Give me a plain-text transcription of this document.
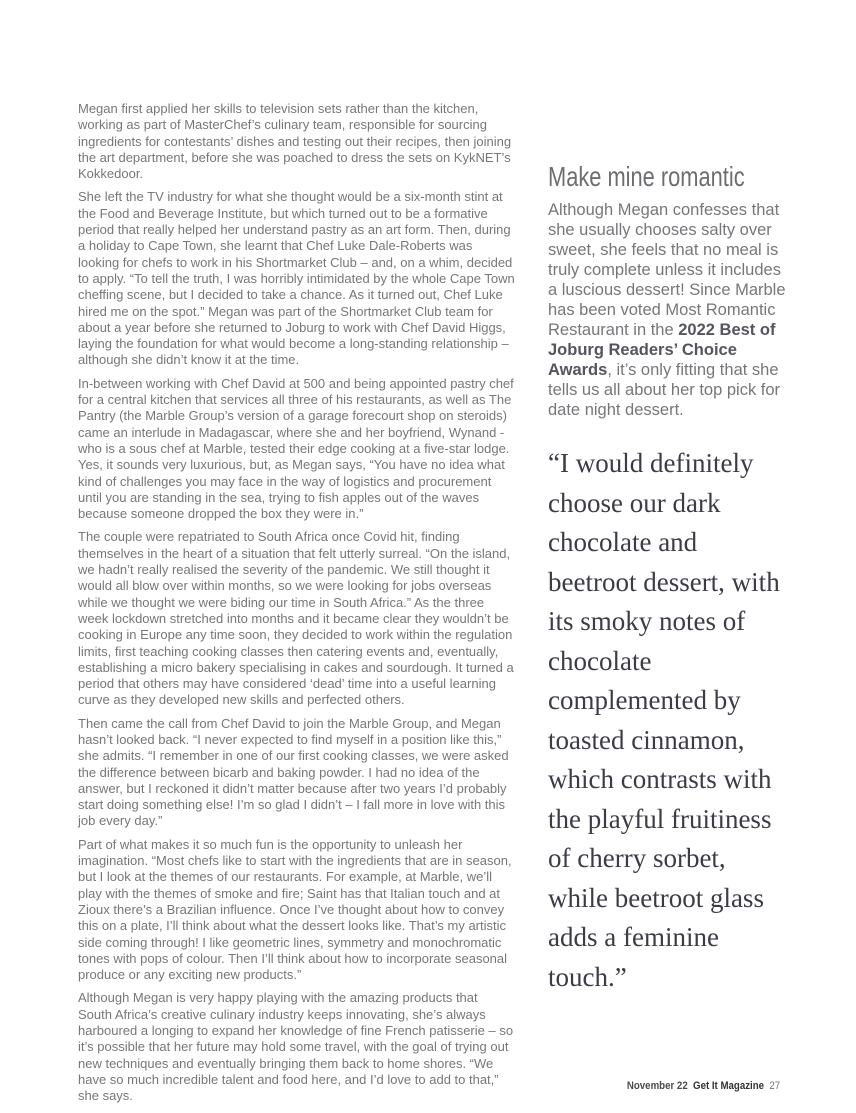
Megan first applied her skills to television sets rather than the kitchen, working as part of MasterChef’s culinary team, responsible for sourcing ingredients for contestants’ dishes and testing out their recipes, then joining the art department, before she was poached to dress the sets on KykNET’s Kokkedoor.

She left the TV industry for what she thought would be a six-month stint at the Food and Beverage Institute, but which turned out to be a formative period that really helped her understand pastry as an art form. Then, during a holiday to Cape Town, she learnt that Chef Luke Dale-Roberts was looking for chefs to work in his Shortmarket Club – and, on a whim, decided to apply. “To tell the truth, I was horribly intimidated by the whole Cape Town cheffing scene, but I decided to take a chance. As it turned out, Chef Luke hired me on the spot.” Megan was part of the Shortmarket Club team for about a year before she returned to Joburg to work with Chef David Higgs, laying the foundation for what would become a long-standing relationship – although she didn’t know it at the time.

In-between working with Chef David at 500 and being appointed pastry chef for a central kitchen that services all three of his restaurants, as well as The Pantry (the Marble Group’s version of a garage forecourt shop on steroids) came an interlude in Madagascar, where she and her boyfriend, Wynand - who is a sous chef at Marble, tested their edge cooking at a five-star lodge. Yes, it sounds very luxurious, but, as Megan says, “You have no idea what kind of challenges you may face in the way of logistics and procurement until you are standing in the sea, trying to fish apples out of the waves because someone dropped the box they were in.”

The couple were repatriated to South Africa once Covid hit, finding themselves in the heart of a situation that felt utterly surreal. “On the island, we hadn’t really realised the severity of the pandemic. We still thought it would all blow over within months, so we were looking for jobs overseas while we thought we were biding our time in South Africa.” As the three week lockdown stretched into months and it became clear they wouldn’t be cooking in Europe any time soon, they decided to work within the regulation limits, first teaching cooking classes then catering events and, eventually, establishing a micro bakery specialising in cakes and sourdough. It turned a period that others may have considered ‘dead’ time into a useful learning curve as they developed new skills and perfected others.

Then came the call from Chef David to join the Marble Group, and Megan hasn’t looked back. “I never expected to find myself in a position like this,” she admits. “I remember in one of our first cooking classes, we were asked the difference between bicarb and baking powder. I had no idea of the answer, but I reckoned it didn’t matter because after two years I’d probably start doing something else! I’m so glad I didn’t – I fall more in love with this job every day.”

Part of what makes it so much fun is the opportunity to unleash her imagination. “Most chefs like to start with the ingredients that are in season, but I look at the themes of our restaurants. For example, at Marble, we’ll play with the themes of smoke and fire; Saint has that Italian touch and at Zioux there’s a Brazilian influence. Once I’ve thought about how to convey this on a plate, I’ll think about what the dessert looks like. That’s my artistic side coming through! I like geometric lines, symmetry and monochromatic tones with pops of colour. Then I’ll think about how to incorporate seasonal produce or any exciting new products.”

Although Megan is very happy playing with the amazing products that South Africa’s creative culinary industry keeps innovating, she’s always harboured a longing to expand her knowledge of fine French patisserie – so it’s possible that her future may hold some travel, with the goal of trying out new techniques and eventually bringing them back to home shores. “We have so much incredible talent and food here, and I’d love to add to that,” she says.

Make mine romantic
Although Megan confesses that she usually chooses salty over sweet, she feels that no meal is truly complete unless it includes a luscious dessert! Since Marble has been voted Most Romantic Restaurant in the 2022 Best of Joburg Readers’ Choice Awards, it’s only fitting that she tells us all about her top pick for date night dessert.
“I would definitely choose our dark chocolate and beetroot dessert, with its smoky notes of chocolate complemented by toasted cinnamon, which contrasts with the playful fruitiness of cherry sorbet, while beetroot glass adds a feminine touch.”
November 22 Get It Magazine 27
